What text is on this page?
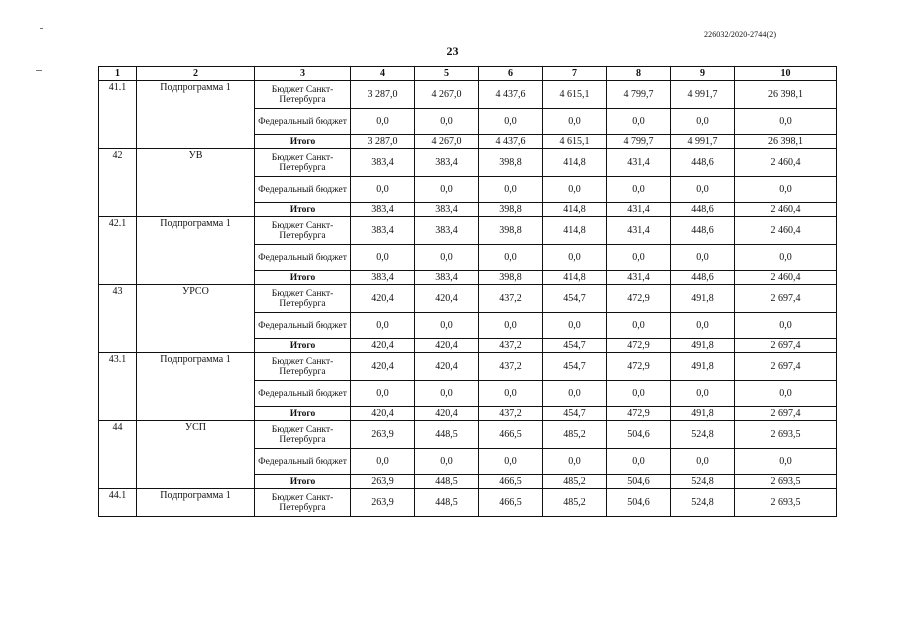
226032/2020-2744(2)
23
1	2	3	4	5	6	7	8	9	10
41.1	Подпрограмма 1	Бюджет Санкт-Петербурга	3 287,0	4 267,0	4 437,6	4 615,1	4 799,7	4 991,7	26 398,1
		Федеральный бюджет	0,0	0,0	0,0	0,0	0,0	0,0	0,0
		Итого	3 287,0	4 267,0	4 437,6	4 615,1	4 799,7	4 991,7	26 398,1
42	УВ	Бюджет Санкт-Петербурга	383,4	383,4	398,8	414,8	431,4	448,6	2 460,4
		Федеральный бюджет	0,0	0,0	0,0	0,0	0,0	0,0	0,0
		Итого	383,4	383,4	398,8	414,8	431,4	448,6	2 460,4
42.1	Подпрограмма 1	Бюджет Санкт-Петербурга	383,4	383,4	398,8	414,8	431,4	448,6	2 460,4
		Федеральный бюджет	0,0	0,0	0,0	0,0	0,0	0,0	0,0
		Итого	383,4	383,4	398,8	414,8	431,4	448,6	2 460,4
43	УРСО	Бюджет Санкт-Петербурга	420,4	420,4	437,2	454,7	472,9	491,8	2 697,4
		Федеральный бюджет	0,0	0,0	0,0	0,0	0,0	0,0	0,0
		Итого	420,4	420,4	437,2	454,7	472,9	491,8	2 697,4
43.1	Подпрограмма 1	Бюджет Санкт-Петербурга	420,4	420,4	437,2	454,7	472,9	491,8	2 697,4
		Федеральный бюджет	0,0	0,0	0,0	0,0	0,0	0,0	0,0
		Итого	420,4	420,4	437,2	454,7	472,9	491,8	2 697,4
44	УСП	Бюджет Санкт-Петербурга	263,9	448,5	466,5	485,2	504,6	524,8	2 693,5
		Федеральный бюджет	0,0	0,0	0,0	0,0	0,0	0,0	0,0
		Итого	263,9	448,5	466,5	485,2	504,6	524,8	2 693,5
44.1	Подпрограмма 1	Бюджет Санкт-Петербурга	263,9	448,5	466,5	485,2	504,6	524,8	2 693,5
